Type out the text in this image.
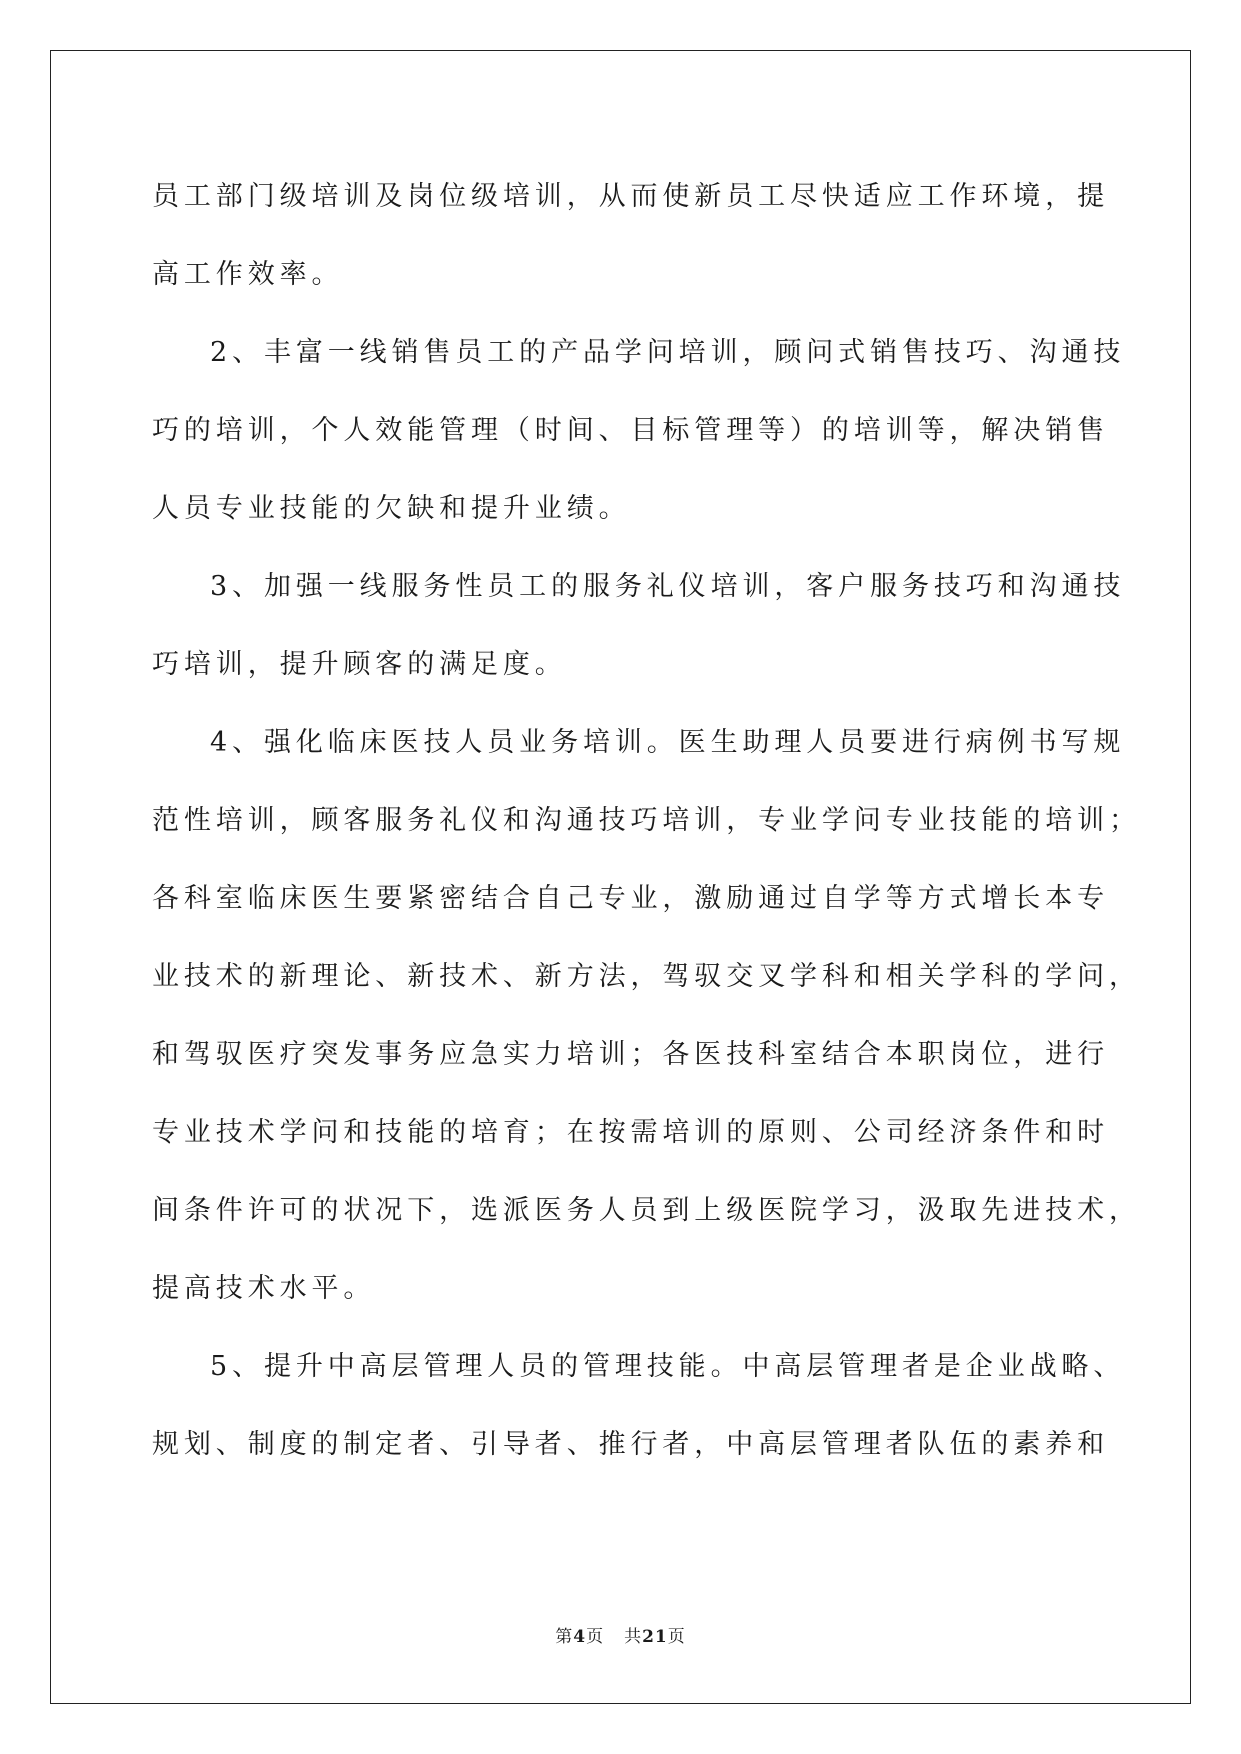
员工部门级培训及岗位级培训，从而使新员工尽快适应工作环境，提
高工作效率。
2、丰富一线销售员工的产品学问培训，顾问式销售技巧、沟通技
巧的培训，个人效能管理（时间、目标管理等）的培训等，解决销售
人员专业技能的欠缺和提升业绩。
3、加强一线服务性员工的服务礼仪培训，客户服务技巧和沟通技
巧培训，提升顾客的满足度。
4、强化临床医技人员业务培训。医生助理人员要进行病例书写规
范性培训，顾客服务礼仪和沟通技巧培训，专业学问专业技能的培训；
各科室临床医生要紧密结合自己专业，激励通过自学等方式增长本专
业技术的新理论、新技术、新方法，驾驭交叉学科和相关学科的学问，
和驾驭医疗突发事务应急实力培训；各医技科室结合本职岗位，进行
专业技术学问和技能的培育；在按需培训的原则、公司经济条件和时
间条件许可的状况下，选派医务人员到上级医院学习，汲取先进技术，
提高技术水平。
5、提升中高层管理人员的管理技能。中高层管理者是企业战略、
规划、制度的制定者、引导者、推行者，中高层管理者队伍的素养和
第4页 共21页
